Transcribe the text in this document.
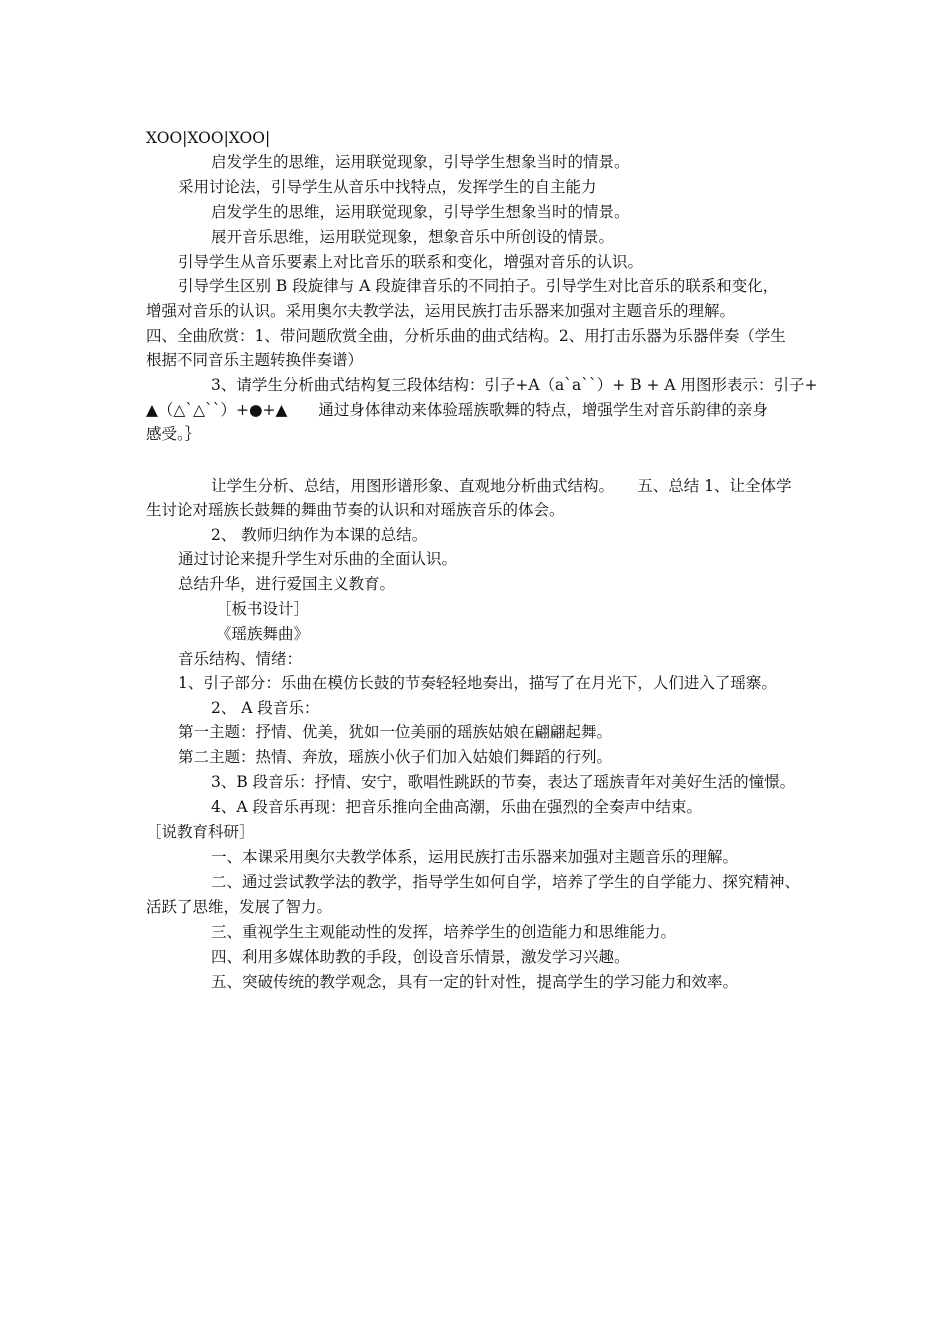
XOO|XOO|XOO|
启发学生的思维，运用联觉现象，引导学生想象当时的情景。
采用讨论法，引导学生从音乐中找特点，发挥学生的自主能力
启发学生的思维，运用联觉现象，引导学生想象当时的情景。
展开音乐思维，运用联觉现象，想象音乐中所创设的情景。
引导学生从音乐要素上对比音乐的联系和变化，增强对音乐的认识。
引导学生区别 B 段旋律与 A 段旋律音乐的不同拍子。引导学生对比音乐的联系和变化，
增强对音乐的认识。采用奥尔夫教学法，运用民族打击乐器来加强对主题音乐的理解。
四、全曲欣赏：1、带问题欣赏全曲，分析乐曲的曲式结构。2、用打击乐器为乐器伴奏（学生
根据不同音乐主题转换伴奏谱）
3、请学生分析曲式结构复三段体结构：引子+A（a`a``）+ B + A 用图形表示：引子+
▲（△`△``）+●+▲　　通过身体律动来体验瑶族歌舞的特点，增强学生对音乐韵律的亲身
感受。｝
让学生分析、总结，用图形谱形象、直观地分析曲式结构。　　五、总结 1、让全体学
生讨论对瑶族长鼓舞的舞曲节奏的认识和对瑶族音乐的体会。
2、 教师归纳作为本课的总结。
通过讨论来提升学生对乐曲的全面认识。
总结升华，进行爱国主义教育。
［板书设计］
《瑶族舞曲》
音乐结构、情绪：
1、引子部分：乐曲在模仿长鼓的节奏轻轻地奏出，描写了在月光下，人们进入了瑶寨。
2、 A 段音乐：
第一主题：抒情、优美，犹如一位美丽的瑶族姑娘在翩翩起舞。
第二主题：热情、奔放，瑶族小伙子们加入姑娘们舞蹈的行列。
3、B 段音乐：抒情、安宁，歌唱性跳跃的节奏，表达了瑶族青年对美好生活的憧憬。
4、A 段音乐再现：把音乐推向全曲高潮，乐曲在强烈的全奏声中结束。
［说教育科研］
一、本课采用奥尔夫教学体系，运用民族打击乐器来加强对主题音乐的理解。
二、通过尝试教学法的教学，指导学生如何自学，培养了学生的自学能力、探究精神、
活跃了思维，发展了智力。
三、重视学生主观能动性的发挥，培养学生的创造能力和思维能力。
四、利用多媒体助教的手段，创设音乐情景，激发学习兴趣。
五、突破传统的教学观念，具有一定的针对性，提高学生的学习能力和效率。
